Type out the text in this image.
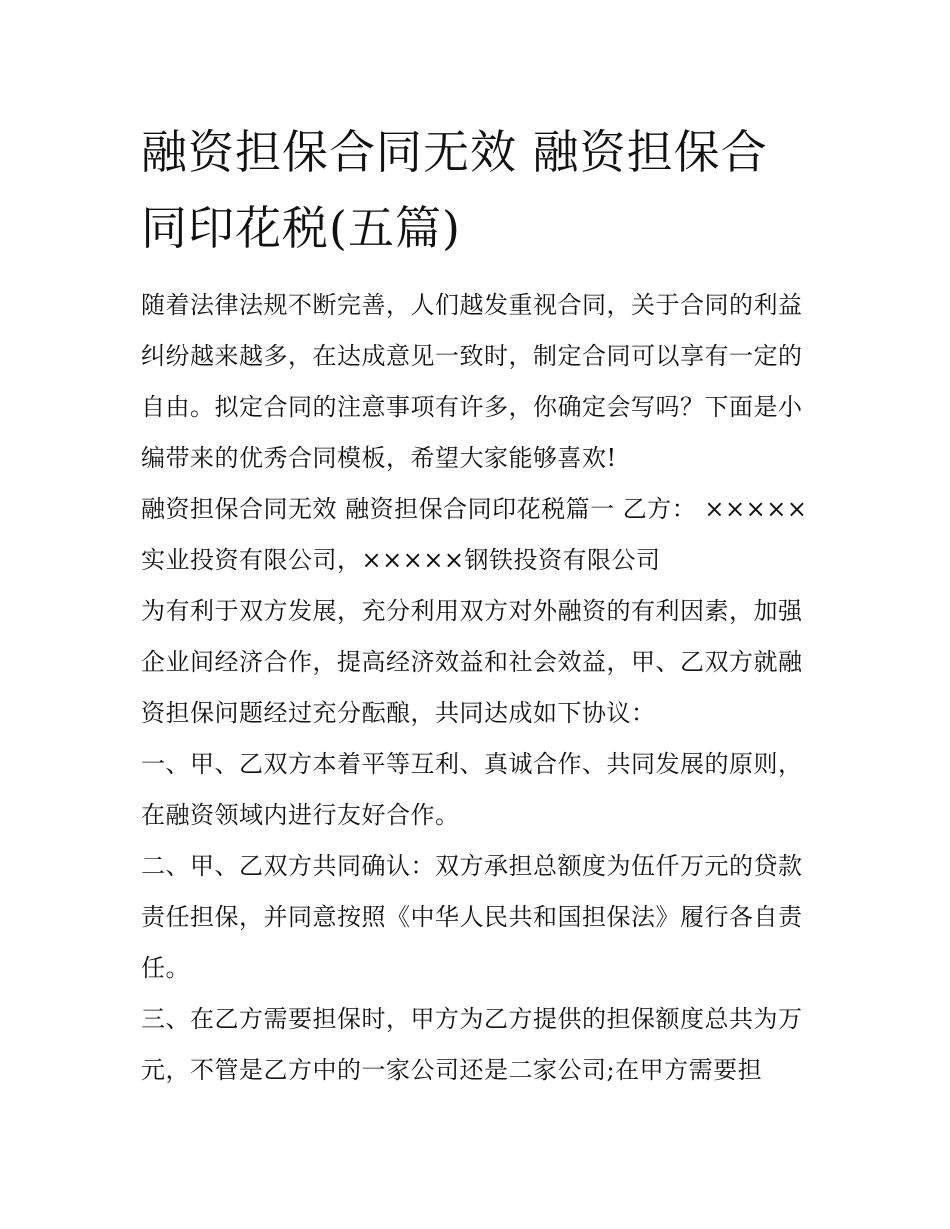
融资担保合同无效 融资担保合同印花税(五篇)

随着法律法规不断完善，人们越发重视合同，关于合同的利益纠纷越来越多，在达成意见一致时，制定合同可以享有一定的自由。拟定合同的注意事项有许多，你确定会写吗？下面是小编带来的优秀合同模板，希望大家能够喜欢!

融资担保合同无效 融资担保合同印花税篇一 乙方： ×××××实业投资有限公司，×××××钢铁投资有限公司

为有利于双方发展，充分利用双方对外融资的有利因素，加强企业间经济合作，提高经济效益和社会效益，甲、乙双方就融资担保问题经过充分酝酿，共同达成如下协议：

一、甲、乙双方本着平等互利、真诚合作、共同发展的原则，在融资领域内进行友好合作。

二、甲、乙双方共同确认：双方承担总额度为伍仟万元的贷款责任担保，并同意按照《中华人民共和国担保法》履行各自责任。

三、在乙方需要担保时，甲方为乙方提供的担保额度总共为万元，不管是乙方中的一家公司还是二家公司;在甲方需要担
